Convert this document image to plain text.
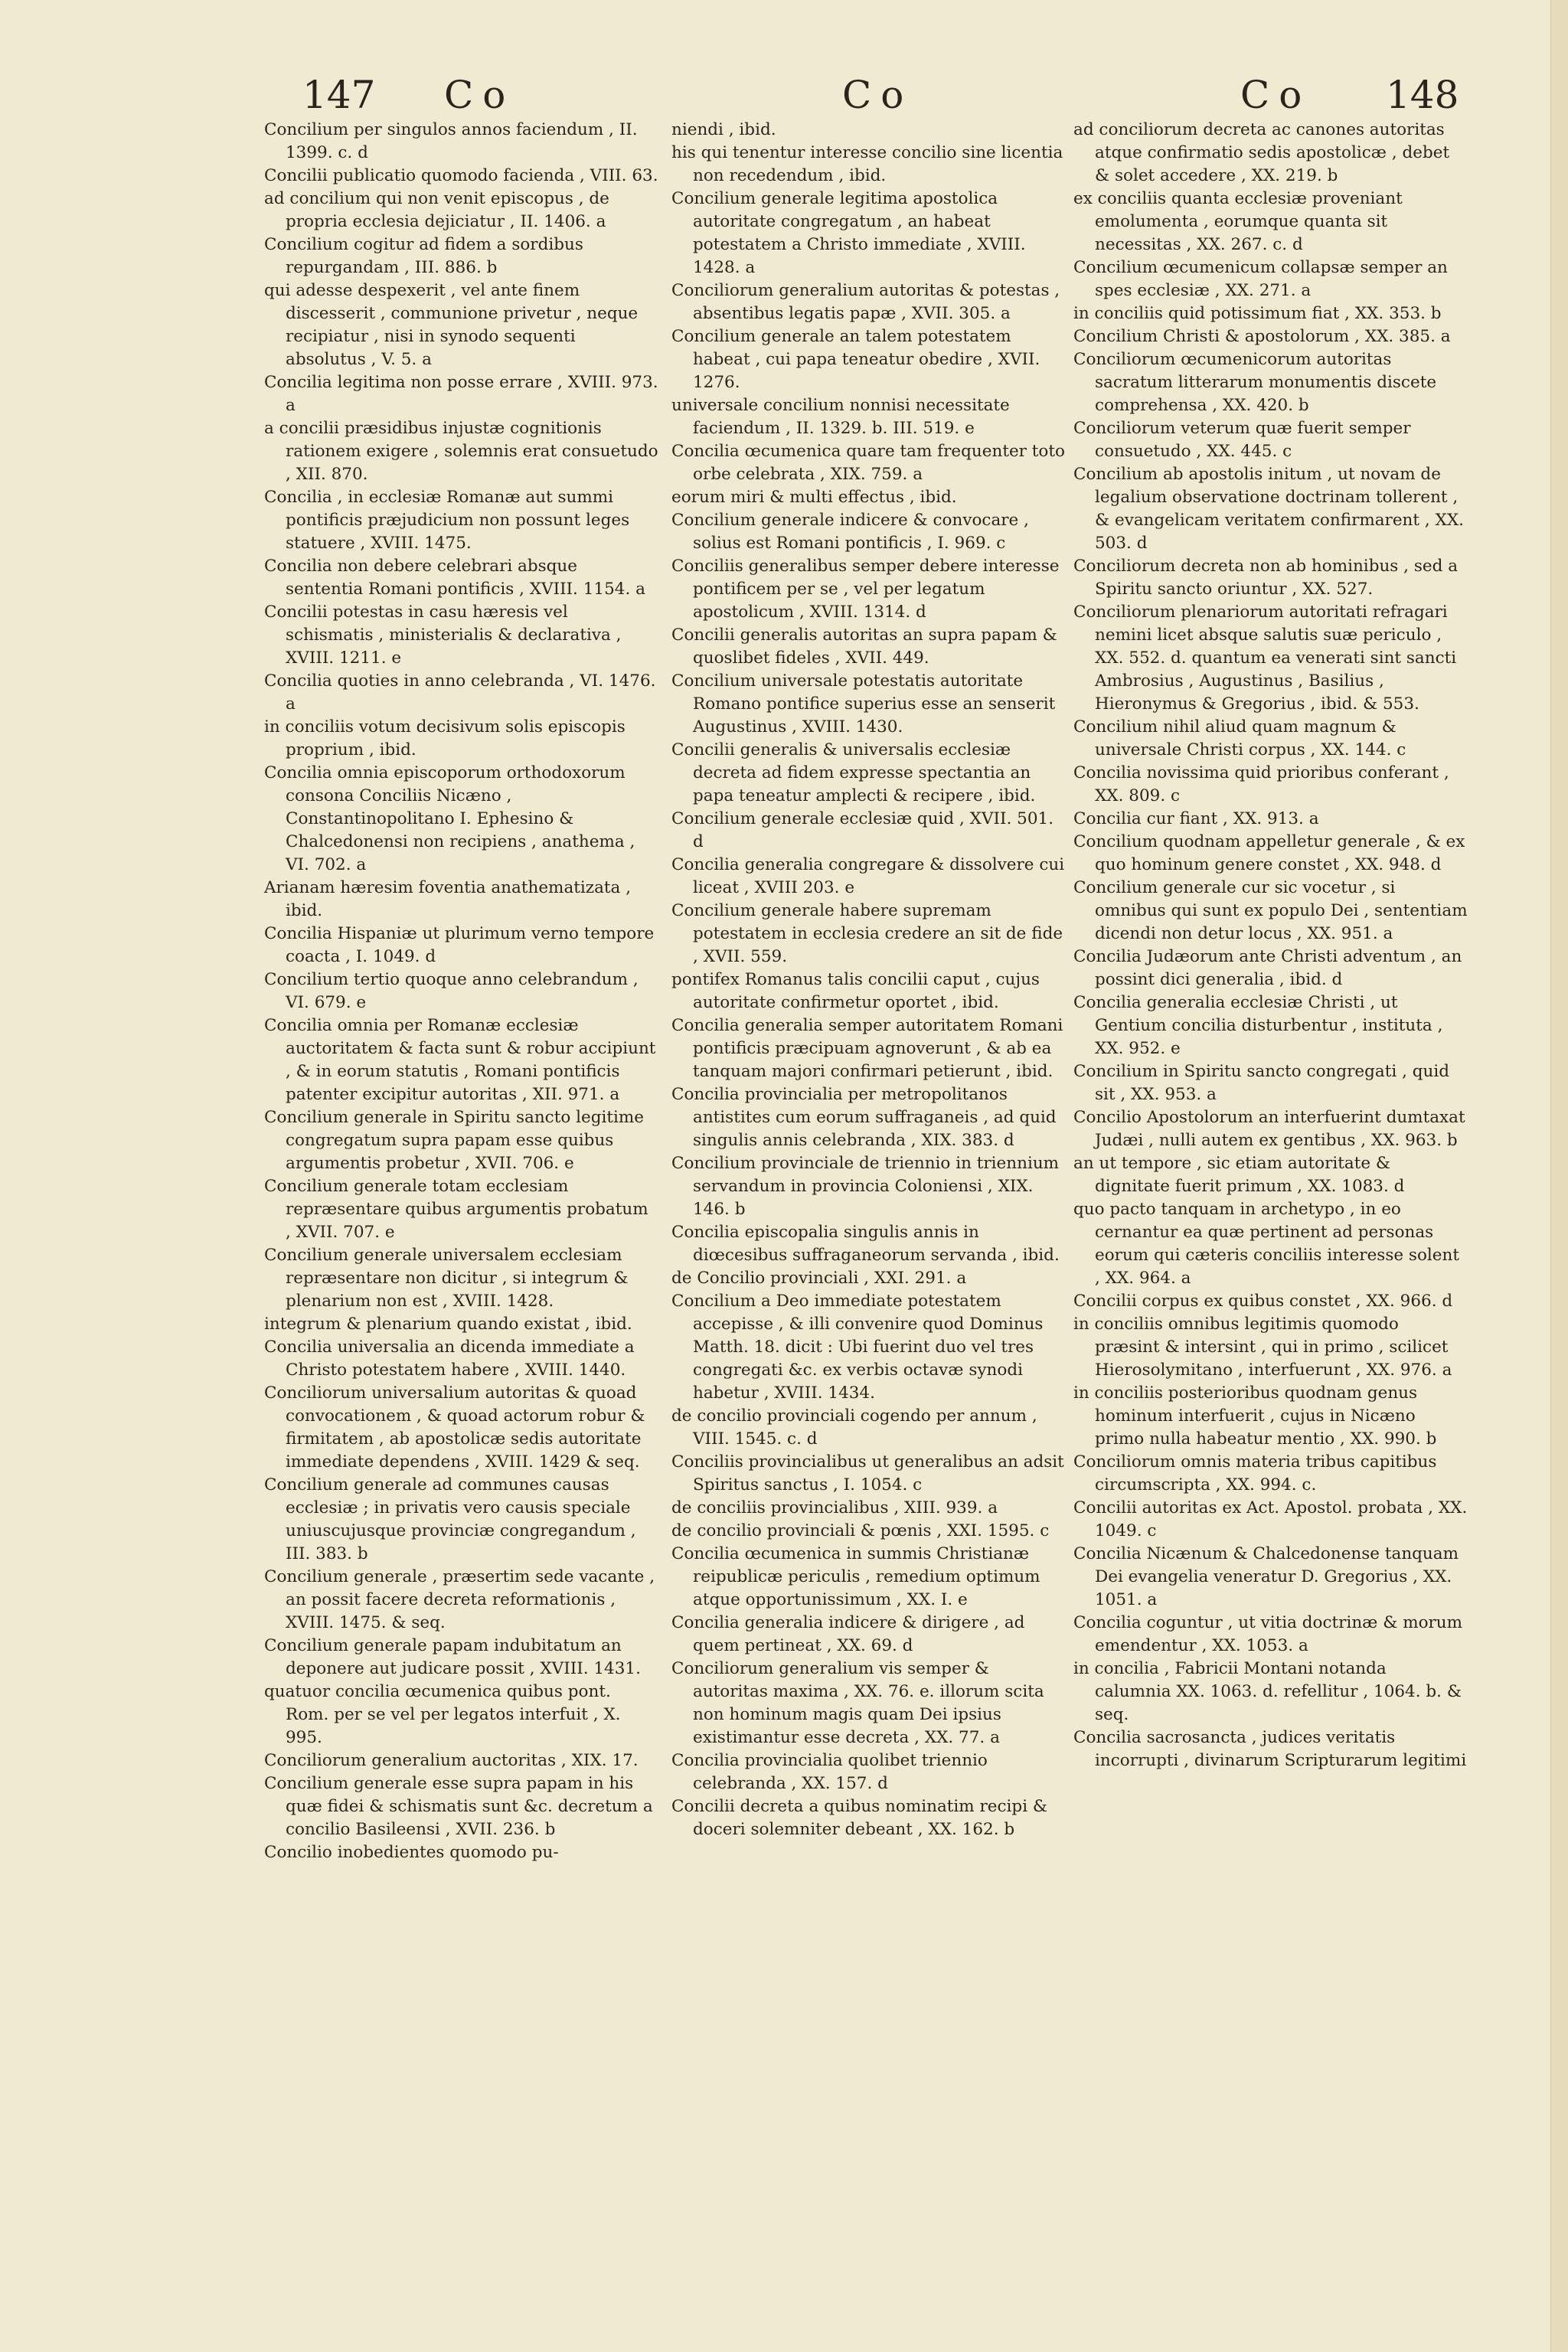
147 Co	Co	Co 148

Concilium per singulos annos faciendum , II. 1399. c. d

Concilii publicatio quomodo facienda , VIII. 63.

ad concilium qui non venit episcopus , de propria ecclesia dejiciatur , II. 1406. a

Concilium cogitur ad fidem a sordibus repurgandam , III. 886. b

qui adesse despexerit , vel ante finem discesserit , communione privetur , neque recipiatur , nisi in synodo sequenti absolutus , V. 5. a

Concilia legitima non posse errare , XVIII. 973. a

a concilii præsidibus injustæ cognitionis rationem exigere , solemnis erat consuetudo , XII. 870.

Concilia , in ecclesiæ Romanæ aut summi pontificis præjudicium non possunt leges statuere , XVIII. 1475.

Concilia non debere celebrari absque sententia Romani pontificis , XVIII. 1154. a

Concilii potestas in casu hæresis vel schismatis , ministerialis & declarativa , XVIII. 1211. e

Concilia quoties in anno celebranda , VI. 1476. a

in conciliis votum decisivum solis episcopis proprium , ibid.

Concilia omnia episcoporum orthodoxorum consona Conciliis Nicæno , Constantinopolitano I. Ephesino & Chalcedonensi non recipiens , anathema , VI. 702. a

Arianam hæresim foventia anathematizata , ibid.

Concilia Hispaniæ ut plurimum verno tempore coacta , I. 1049. d

Concilium tertio quoque anno celebrandum , VI. 679. e

Concilia omnia per Romanæ ecclesiæ auctoritatem & facta sunt & robur accipiunt , & in eorum statutis , Romani pontificis patenter excipitur autoritas , XII. 971. a

Concilium generale in Spiritu sancto legitime congregatum supra papam esse quibus argumentis probetur , XVII. 706. e

Concilium generale totam ecclesiam repræsentare quibus argumentis probatum , XVII. 707. e

Concilium generale universalem ecclesiam repræsentare non dicitur , si integrum & plenarium non est , XVIII. 1428.

integrum & plenarium quando existat , ibid.

Concilia universalia an dicenda immediate a Christo potestatem habere , XVIII. 1440.

Conciliorum universalium autoritas & quoad convocationem , & quoad actorum robur & firmitatem , ab apostolicæ sedis autoritate immediate dependens , XVIII. 1429 & seq.

Concilium generale ad communes causas ecclesiæ ; in privatis vero causis speciale uniuscujusque provinciæ congregandum , III. 383. b

Concilium generale , præsertim sede vacante , an possit facere decreta reformationis , XVIII. 1475. & seq.

Concilium generale papam indubitatum an deponere aut judicare possit , XVIII. 1431.

quatuor concilia œcumenica quibus pont. Rom. per se vel per legatos interfuit , X. 995.

Conciliorum generalium auctoritas , XIX. 17.

Concilium generale esse supra papam in his quæ fidei & schismatis sunt &c. decretum a concilio Basileensi , XVII. 236. b

Concilio inobedientes quomodo pu-

niendi , ibid.

his qui tenentur interesse concilio sine licentia non recedendum , ibid.

Concilium generale legitima apostolica autoritate congregatum , an habeat potestatem a Christo immediate , XVIII. 1428. a

Conciliorum generalium autoritas & potestas , absentibus legatis papæ , XVII. 305. a

Concilium generale an talem potestatem habeat , cui papa teneatur obedire , XVII. 1276.

universale concilium nonnisi necessitate faciendum , II. 1329. b. III. 519. e

Concilia œcumenica quare tam frequenter toto orbe celebrata , XIX. 759. a

eorum miri & multi effectus , ibid.

Concilium generale indicere & convocare , solius est Romani pontificis , I. 969. c

Conciliis generalibus semper debere interesse pontificem per se , vel per legatum apostolicum , XVIII. 1314. d

Concilii generalis autoritas an supra papam & quoslibet fideles , XVII. 449.

Concilium universale potestatis autoritate Romano pontifice superius esse an senserit Augustinus , XVIII. 1430.

Concilii generalis & universalis ecclesiæ decreta ad fidem expresse spectantia an papa teneatur amplecti & recipere , ibid.

Concilium generale ecclesiæ quid , XVII. 501. d

Concilia generalia congregare & dissolvere cui liceat , XVIII 203. e

Concilium generale habere supremam potestatem in ecclesia credere an sit de fide , XVII. 559.

pontifex Romanus talis concilii caput , cujus autoritate confirmetur oportet , ibid.

Concilia generalia semper autoritatem Romani pontificis præcipuam agnoverunt , & ab ea tanquam majori confirmari petierunt , ibid.

Concilia provincialia per metropolitanos antistites cum eorum suffraganeis , ad quid singulis annis celebranda , XIX. 383. d

Concilium provinciale de triennio in triennium servandum in provincia Coloniensi , XIX. 146. b

Concilia episcopalia singulis annis in diœcesibus suffraganeorum servanda , ibid.

de Concilio provinciali , XXI. 291. a

Concilium a Deo immediate potestatem accepisse , & illi convenire quod Dominus Matth. 18. dicit : Ubi fuerint duo vel tres congregati &c. ex verbis octavæ synodi habetur , XVIII. 1434.

de concilio provinciali cogendo per annum , VIII. 1545. c. d

Conciliis provincialibus ut generalibus an adsit Spiritus sanctus , I. 1054. c

de conciliis provincialibus , XIII. 939. a

de concilio provinciali & pœnis , XXI. 1595. c

Concilia œcumenica in summis Christianæ reipublicæ periculis , remedium optimum atque opportunissimum , XX. I. e

Concilia generalia indicere & dirigere , ad quem pertineat , XX. 69. d

Conciliorum generalium vis semper & autoritas maxima , XX. 76. e. illorum scita non hominum magis quam Dei ipsius existimantur esse decreta , XX. 77. a

Concilia provincialia quolibet triennio celebranda , XX. 157. d

Concilii decreta a quibus nominatim recipi & doceri solemniter debeant , XX. 162. b

ad conciliorum decreta ac canones autoritas atque confirmatio sedis apostolicæ , debet & solet accedere , XX. 219. b

ex conciliis quanta ecclesiæ proveniant emolumenta , eorumque quanta sit necessitas , XX. 267. c. d

Concilium œcumenicum collapsæ semper an spes ecclesiæ , XX. 271. a

in conciliis quid potissimum fiat , XX. 353. b

Concilium Christi & apostolorum , XX. 385. a

Conciliorum œcumenicorum autoritas sacratum litterarum monumentis discete comprehensa , XX. 420. b

Conciliorum veterum quæ fuerit semper consuetudo , XX. 445. c

Concilium ab apostolis initum , ut novam de legalium observatione doctrinam tollerent , & evangelicam veritatem confirmarent , XX. 503. d

Conciliorum decreta non ab hominibus , sed a Spiritu sancto oriuntur , XX. 527.

Conciliorum plenariorum autoritati refragari nemini licet absque salutis suæ periculo , XX. 552. d. quantum ea venerati sint sancti Ambrosius , Augustinus , Basilius , Hieronymus & Gregorius , ibid. & 553.

Concilium nihil aliud quam magnum & universale Christi corpus , XX. 144. c

Concilia novissima quid prioribus conferant , XX. 809. c

Concilia cur fiant , XX. 913. a

Concilium quodnam appelletur generale , & ex quo hominum genere constet , XX. 948. d

Concilium generale cur sic vocetur , si omnibus qui sunt ex populo Dei , sententiam dicendi non detur locus , XX. 951. a

Concilia Judæorum ante Christi adventum , an possint dici generalia , ibid. d

Concilia generalia ecclesiæ Christi , ut Gentium concilia disturbentur , instituta , XX. 952. e

Concilium in Spiritu sancto congregati , quid sit , XX. 953. a

Concilio Apostolorum an interfuerint dumtaxat Judæi , nulli autem ex gentibus , XX. 963. b

an ut tempore , sic etiam autoritate & dignitate fuerit primum , XX. 1083. d

quo pacto tanquam in archetypo , in eo cernantur ea quæ pertinent ad personas eorum qui cæteris conciliis interesse solent , XX. 964. a

Concilii corpus ex quibus constet , XX. 966. d

in conciliis omnibus legitimis quomodo præsint & intersint , qui in primo , scilicet Hierosolymitano , interfuerunt , XX. 976. a

in conciliis posterioribus quodnam genus hominum interfuerit , cujus in Nicæno primo nulla habeatur mentio , XX. 990. b

Conciliorum omnis materia tribus capitibus circumscripta , XX. 994. c.

Concilii autoritas ex Act. Apostol. probata , XX. 1049. c

Concilia Nicænum & Chalcedonense tanquam Dei evangelia veneratur D. Gregorius , XX. 1051. a

Concilia coguntur , ut vitia doctrinæ & morum emendentur , XX. 1053. a

in concilia , Fabricii Montani notanda calumnia XX. 1063. d. refellitur , 1064. b. & seq.

Concilia sacrosancta , judices veritatis incorrupti , divinarum Scripturarum legitimi
